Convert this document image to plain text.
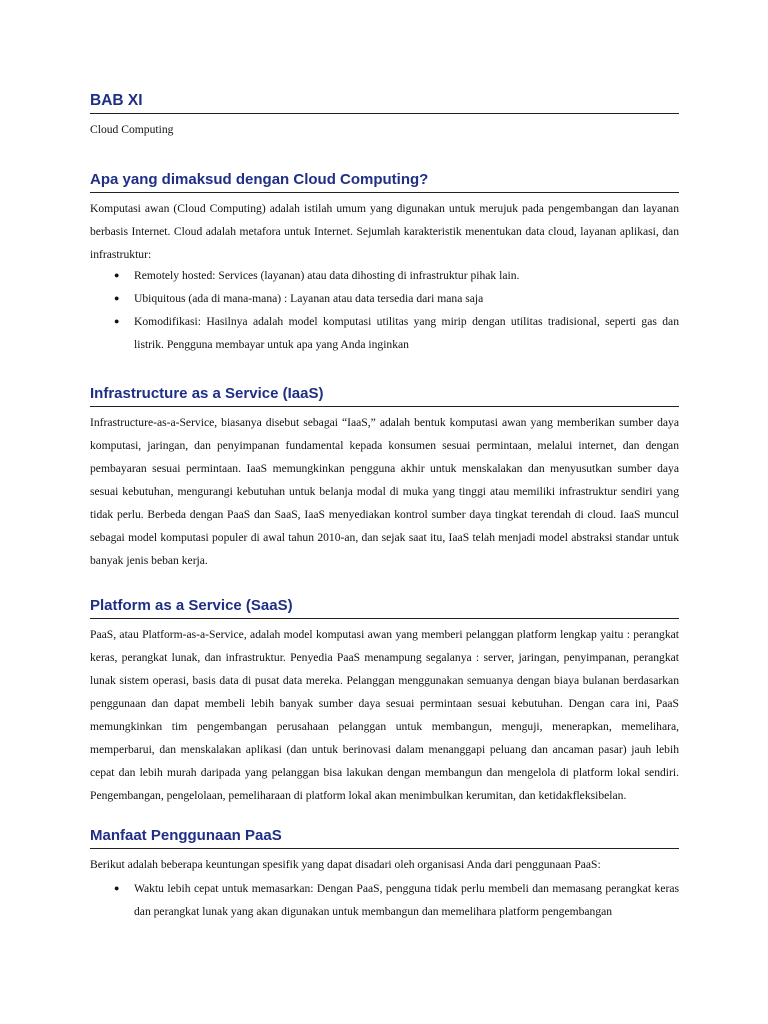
BAB XI

Cloud Computing

Apa yang dimaksud dengan Cloud Computing?

Komputasi awan (Cloud Computing) adalah istilah umum yang digunakan untuk merujuk pada pengembangan dan layanan berbasis Internet. Cloud adalah metafora untuk Internet. Sejumlah karakteristik menentukan data cloud, layanan aplikasi, dan infrastruktur:

● Remotely hosted: Services (layanan) atau data dihosting di infrastruktur pihak lain.
● Ubiquitous (ada di mana-mana) : Layanan atau data tersedia dari mana saja
● Komodifikasi: Hasilnya adalah model komputasi utilitas yang mirip dengan utilitas tradisional, seperti gas dan listrik. Pengguna membayar untuk apa yang Anda inginkan
Infrastructure as a Service (IaaS)

Infrastructure-as-a-Service, biasanya disebut sebagai “IaaS,” adalah bentuk komputasi awan yang memberikan sumber daya komputasi, jaringan, dan penyimpanan fundamental kepada konsumen sesuai permintaan, melalui internet, dan dengan pembayaran sesuai permintaan. IaaS memungkinkan pengguna akhir untuk menskalakan dan menyusutkan sumber daya sesuai kebutuhan, mengurangi kebutuhan untuk belanja modal di muka yang tinggi atau memiliki infrastruktur sendiri yang tidak perlu. Berbeda dengan PaaS dan SaaS, IaaS menyediakan kontrol sumber daya tingkat terendah di cloud. IaaS muncul sebagai model komputasi populer di awal tahun 2010-an, dan sejak saat itu, IaaS telah menjadi model abstraksi standar untuk banyak jenis beban kerja.

Platform as a Service (SaaS)

PaaS, atau Platform-as-a-Service, adalah model komputasi awan yang memberi pelanggan platform lengkap yaitu : perangkat keras, perangkat lunak, dan infrastruktur. Penyedia PaaS menampung segalanya : server, jaringan, penyimpanan, perangkat lunak sistem operasi, basis data di pusat data mereka. Pelanggan menggunakan semuanya dengan biaya bulanan berdasarkan penggunaan dan dapat membeli lebih banyak sumber daya sesuai permintaan sesuai kebutuhan. Dengan cara ini, PaaS memungkinkan tim pengembangan perusahaan pelanggan untuk membangun, menguji, menerapkan, memelihara, memperbarui, dan menskalakan aplikasi (dan untuk berinovasi dalam menanggapi peluang dan ancaman pasar) jauh lebih cepat dan lebih murah daripada yang pelanggan bisa lakukan dengan membangun dan mengelola di platform lokal sendiri. Pengembangan, pengelolaan, pemeliharaan di platform lokal akan menimbulkan kerumitan, dan ketidakfleksibelan.

Manfaat Penggunaan PaaS

Berikut adalah beberapa keuntungan spesifik yang dapat disadari oleh organisasi Anda dari penggunaan PaaS:

● Waktu lebih cepat untuk memasarkan: Dengan PaaS, pengguna tidak perlu membeli dan memasang perangkat keras dan perangkat lunak yang akan digunakan untuk membangun dan memelihara platform pengembangan
